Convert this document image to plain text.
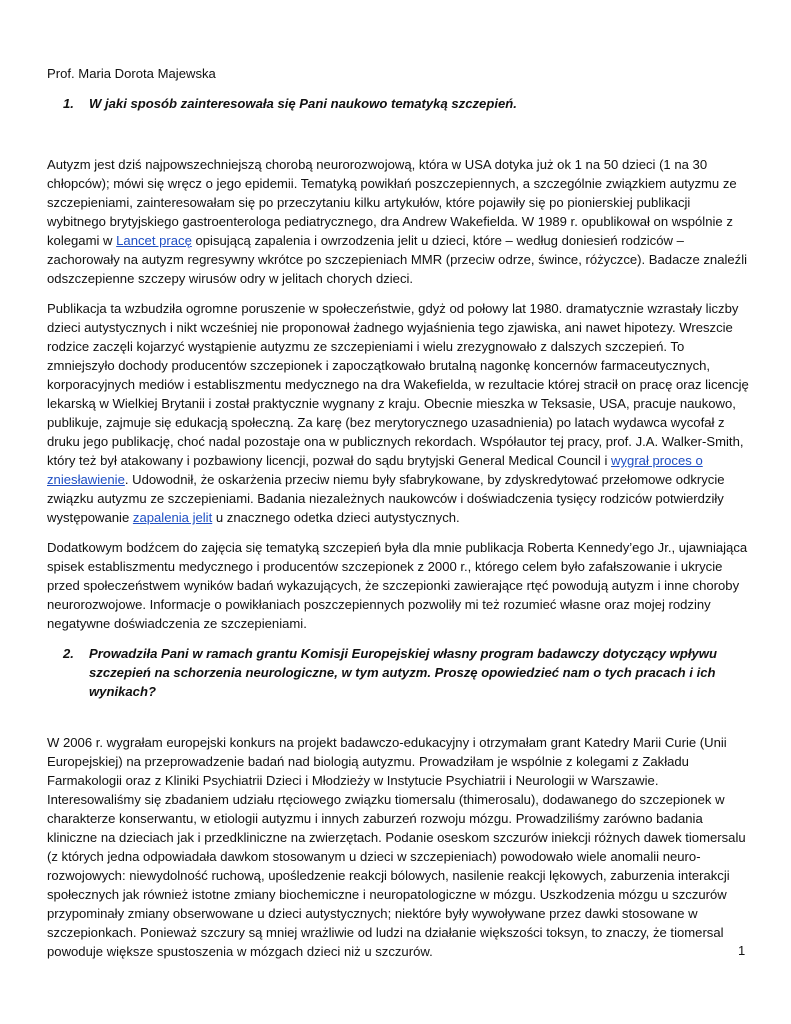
Prof. Maria Dorota Majewska
1. W jaki sposób zainteresowała się Pani naukowo tematyką szczepień.

Autyzm jest dziś najpowszechniejszą chorobą neurorozwojową, która w USA dotyka już ok 1 na 50 dzieci (1 na 30 chłopców); mówi się wręcz o jego epidemii. Tematyką powikłań poszczepiennych, a szczególnie związkiem autyzmu ze szczepieniami, zainteresowałam się po przeczytaniu kilku artykułów, które pojawiły się po pionierskiej publikacji wybitnego brytyjskiego gastroenterologa pediatrycznego, dra Andrew Wakefielda. W 1989 r. opublikował on wspólnie z kolegami w Lancet pracę opisującą zapalenia i owrzodzenia jelit u dzieci, które – według doniesień rodziców – zachorowały na autyzm regresywny wkrótce po szczepieniach MMR (przeciw odrze, śwince, różyczce). Badacze znaleźli odszczepienne szczepy wirusów odry w jelitach chorych dzieci.

Publikacja ta wzbudziła ogromne poruszenie w społeczeństwie, gdyż od połowy lat 1980. dramatycznie wzrastały liczby dzieci autystycznych i nikt wcześniej nie proponował żadnego wyjaśnienia tego zjawiska, ani nawet hipotezy. Wreszcie rodzice zaczęli kojarzyć wystąpienie autyzmu ze szczepieniami i wielu zrezygnowało z dalszych szczepień. To zmniejszyło dochody producentów szczepionek i zapoczątkowało brutalną nagonkę koncernów farmaceutycznych, korporacyjnych mediów i establiszmentu medycznego na dra Wakefielda, w rezultacie której stracił on pracę oraz licencję lekarską w Wielkiej Brytanii i został praktycznie wygnany z kraju. Obecnie mieszka w Teksasie, USA, pracuje naukowo, publikuje, zajmuje się edukacją społeczną. Za karę (bez merytorycznego uzasadnienia) po latach wydawca wycofał z druku jego publikację, choć nadal pozostaje ona w publicznych rekordach. Współautor tej pracy, prof. J.A. Walker-Smith, który też był atakowany i pozbawiony licencji, pozwał do sądu brytyjski General Medical Council i wygrał proces o zniesławienie. Udowodnił, że oskarżenia przeciw niemu były sfabrykowane, by zdyskredytować przełomowe odkrycie związku autyzmu ze szczepieniami. Badania niezależnych naukowców i doświadczenia tysięcy rodziców potwierdziły występowanie zapalenia jelit u znacznego odetka dzieci autystycznych.

Dodatkowym bodźcem do zajęcia się tematyką szczepień była dla mnie publikacja Roberta Kennedy’ego Jr., ujawniająca spisek establiszmentu medycznego i producentów szczepionek z 2000 r., którego celem było zafałszowanie i ukrycie przed społeczeństwem wyników badań wykazujących, że szczepionki zawierające rtęć powodują autyzm i inne choroby neurorozwojowe. Informacje o powikłaniach poszczepiennych pozwoliły mi też rozumieć własne oraz mojej rodziny negatywne doświadczenia ze szczepieniami.

2. Prowadziła Pani w ramach grantu Komisji Europejskiej własny program badawczy dotyczący wpływu szczepień na schorzenia neurologiczne, w tym autyzm. Proszę opowiedzieć nam o tych pracach i ich wynikach?

W 2006 r. wygrałam europejski konkurs na projekt badawczo-edukacyjny i otrzymałam grant Katedry Marii Curie (Unii Europejskiej) na przeprowadzenie badań nad biologią autyzmu. Prowadziłam je wspólnie z kolegami z Zakładu Farmakologii oraz z Kliniki Psychiatrii Dzieci i Młodzieży w Instytucie Psychiatrii i Neurologii w Warszawie. Interesowaliśmy się zbadaniem udziału rtęciowego związku tiomersalu (thimerosalu), dodawanego do szczepionek w charakterze konserwantu, w etiologii autyzmu i innych zaburzeń rozwoju mózgu. Prowadziliśmy zarówno badania kliniczne na dzieciach jak i przedkliniczne na zwierzętach. Podanie oseskom szczurów iniekcji różnych dawek tiomersalu (z których jedna odpowiadała dawkom stosowanym u dzieci w szczepieniach) powodowało wiele anomalii neuro-rozwojowych: niewydolność ruchową, upośledzenie reakcji bólowych, nasilenie reakcji lękowych, zaburzenia interakcji społecznych jak również istotne zmiany biochemiczne i neuropatologiczne w mózgu. Uszkodzenia mózgu u szczurów przypominały zmiany obserwowane u dzieci autystycznych; niektóre były wywoływane przez dawki stosowane w szczepionkach. Ponieważ szczury są mniej wrażliwie od ludzi na działanie większości toksyn, to znaczy, że tiomersal powoduje większe spustoszenia w mózgach dzieci niż u szczurów.	1
